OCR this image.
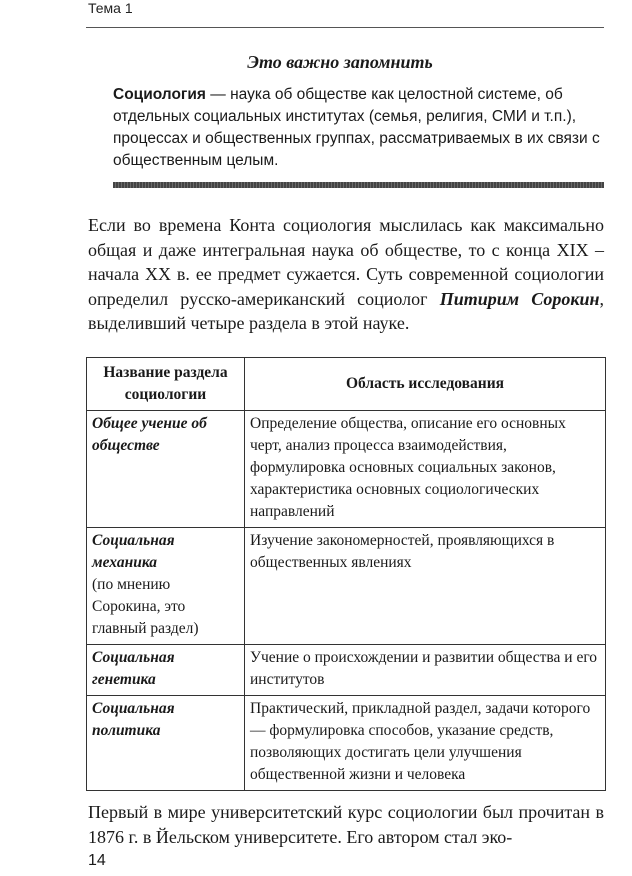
Тема 1
Это важно запомнить
Социология — наука об обществе как целостной системе, об отдельных социальных институтах (семья, религия, СМИ и т.п.), процессах и общественных группах, рассматриваемых в их связи с общественным целым.
Если во времена Конта социология мыслилась как максимально общая и даже интегральная наука об обществе, то с конца XIX – начала XX в. ее предмет сужается. Суть современной социологии определил русско-американский социолог Питирим Сорокин, выделивший четыре раздела в этой науке.
Название раздела социологии	Область исследования

Общее учение об обществе	Определение общества, описание его основных черт, анализ процесса взаимодействия, формулировка основных социальных законов, характеристика основных социологических направлений

Социальная механика
(по мнению Сорокина, это главный раздел)	Изучение закономерностей, проявляющихся в общественных явлениях

Социальная генетика	Учение о происхождении и развитии общества и его институтов

Социальная политика	Практический, прикладной раздел, задачи которого — формулировка способов, указание средств, позволяющих достигать цели улучшения общественной жизни и человека
Первый в мире университетский курс социологии был прочитан в 1876 г. в Йельском университете. Его автором стал эко-
14
